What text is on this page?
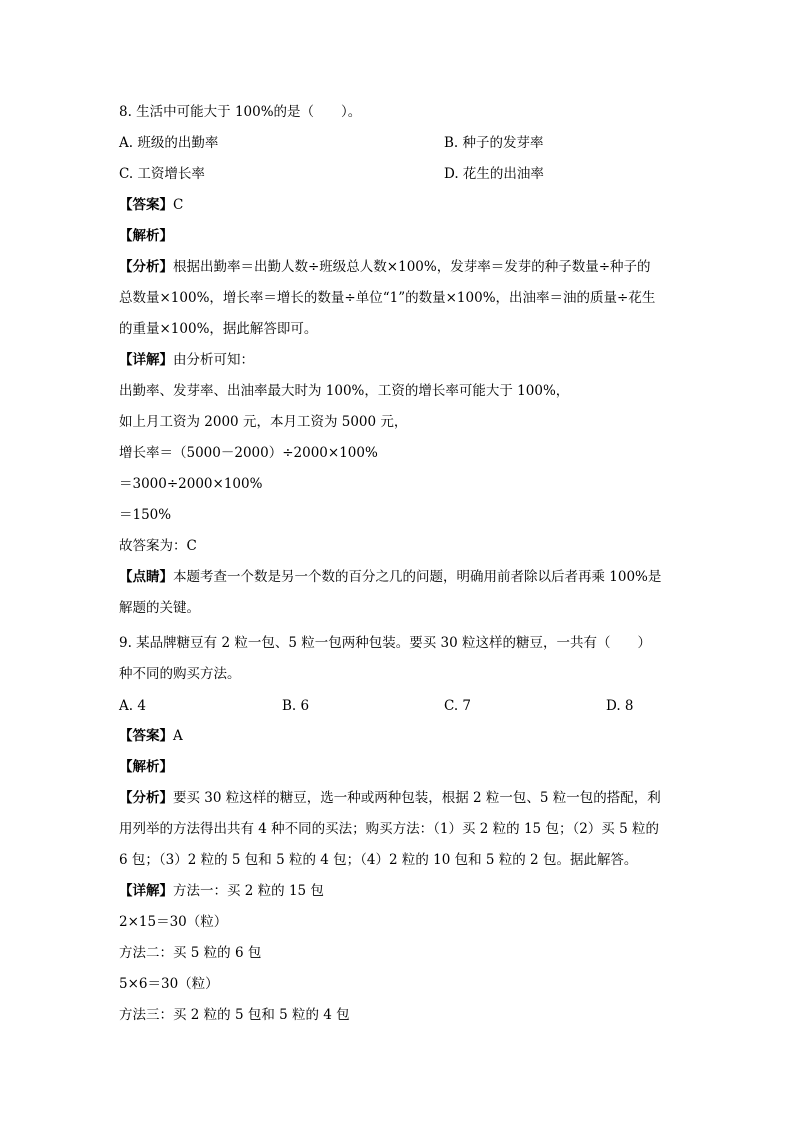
8. 生活中可能大于 100%的是（　　）。
A. 班级的出勤率	B. 种子的发芽率
C. 工资增长率	D. 花生的出油率
【答案】C
【解析】
【分析】根据出勤率＝出勤人数÷班级总人数×100%，发芽率＝发芽的种子数量÷种子的
总数量×100%，增长率＝增长的数量÷单位“1”的数量×100%，出油率＝油的质量÷花生
的重量×100%，据此解答即可。
【详解】由分析可知：
出勤率、发芽率、出油率最大时为 100%，工资的增长率可能大于 100%，
如上月工资为 2000 元，本月工资为 5000 元，
增长率＝（5000－2000）÷2000×100%
＝3000÷2000×100%
＝150%
故答案为：C
【点睛】本题考查一个数是另一个数的百分之几的问题，明确用前者除以后者再乘 100%是
解题的关键。
9. 某品牌糖豆有 2 粒一包、5 粒一包两种包装。要买 30 粒这样的糖豆，一共有（　　）
种不同的购买方法。
A. 4	B. 6	C. 7	D. 8
【答案】A
【解析】
【分析】要买 30 粒这样的糖豆，选一种或两种包装，根据 2 粒一包、5 粒一包的搭配，利
用列举的方法得出共有 4 种不同的买法；购买方法：（1）买 2 粒的 15 包；（2）买 5 粒的
6 包；（3）2 粒的 5 包和 5 粒的 4 包；（4）2 粒的 10 包和 5 粒的 2 包。据此解答。
【详解】方法一：买 2 粒的 15 包
2×15＝30（粒）
方法二：买 5 粒的 6 包
5×6＝30（粒）
方法三：买 2 粒的 5 包和 5 粒的 4 包
